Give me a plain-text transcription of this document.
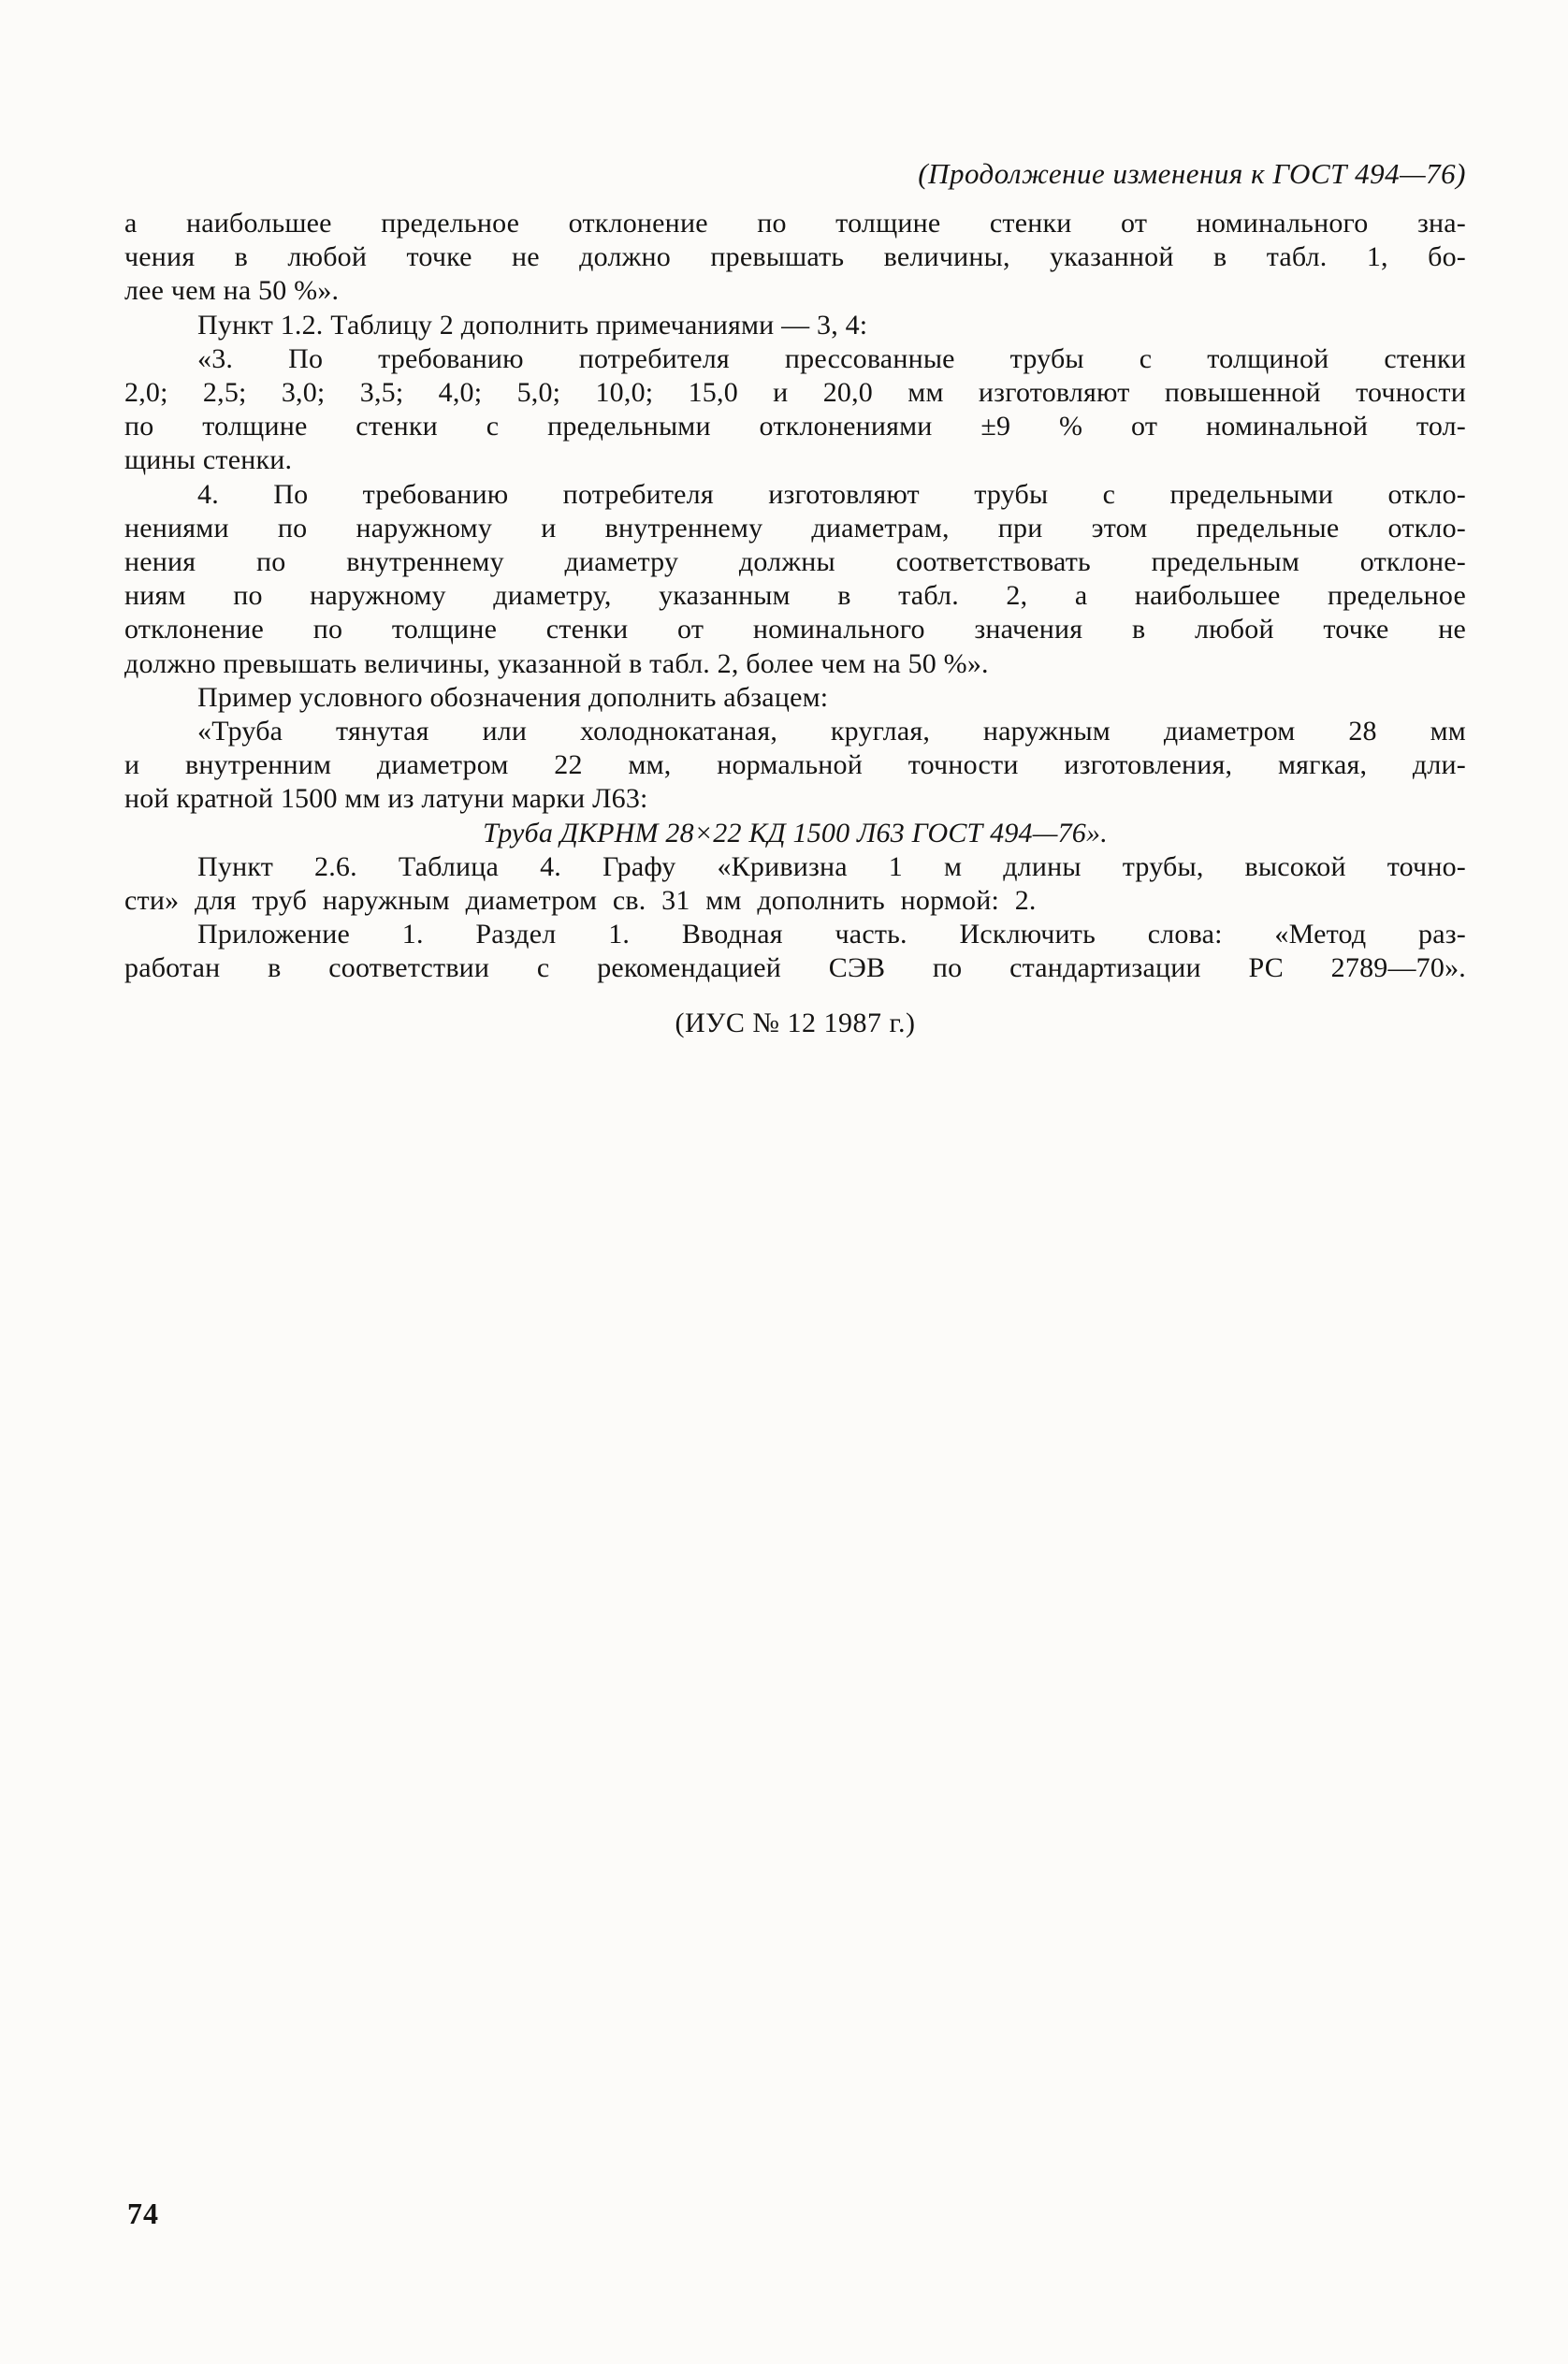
(Продолжение изменения к ГОСТ 494—76)
а наибольшее предельное отклонение по толщине стенки от номинального зна-
чения в любой точке не должно превышать величины, указанной в табл. 1, бо-
лее чем на 50 %».
Пункт 1.2. Таблицу 2 дополнить примечаниями — 3, 4:
«3. По требованию потребителя прессованные трубы с толщиной стенки
2,0; 2,5; 3,0; 3,5; 4,0; 5,0; 10,0; 15,0 и 20,0 мм изготовляют повышенной точности
по толщине стенки с предельными отклонениями ±9 % от номинальной тол-
щины стенки.
4. По требованию потребителя изготовляют трубы с предельными откло-
нениями по наружному и внутреннему диаметрам, при этом предельные откло-
нения по внутреннему диаметру должны соответствовать предельным отклоне-
ниям по наружному диаметру, указанным в табл. 2, а наибольшее предельное
отклонение по толщине стенки от номинального значения в любой точке не
должно превышать величины, указанной в табл. 2, более чем на 50 %».
Пример условного обозначения дополнить абзацем:
«Труба тянутая или холоднокатаная, круглая, наружным диаметром 28 мм
и внутренним диаметром 22 мм, нормальной точности изготовления, мягкая, дли-
ной кратной 1500 мм из латуни марки Л63:
Труба ДКРНМ 28×22 КД 1500 Л63 ГОСТ 494—76».
Пункт 2.6. Таблица 4. Графу «Кривизна 1 м длины трубы, высокой точно-
сти» для труб наружным диаметром св. 31 мм дополнить нормой: 2.
Приложение 1. Раздел 1. Вводная часть. Исключить слова: «Метод раз-
работан в соответствии с рекомендацией СЭВ по стандартизации РС 2789—70».
(ИУС № 12 1987 г.)
74
